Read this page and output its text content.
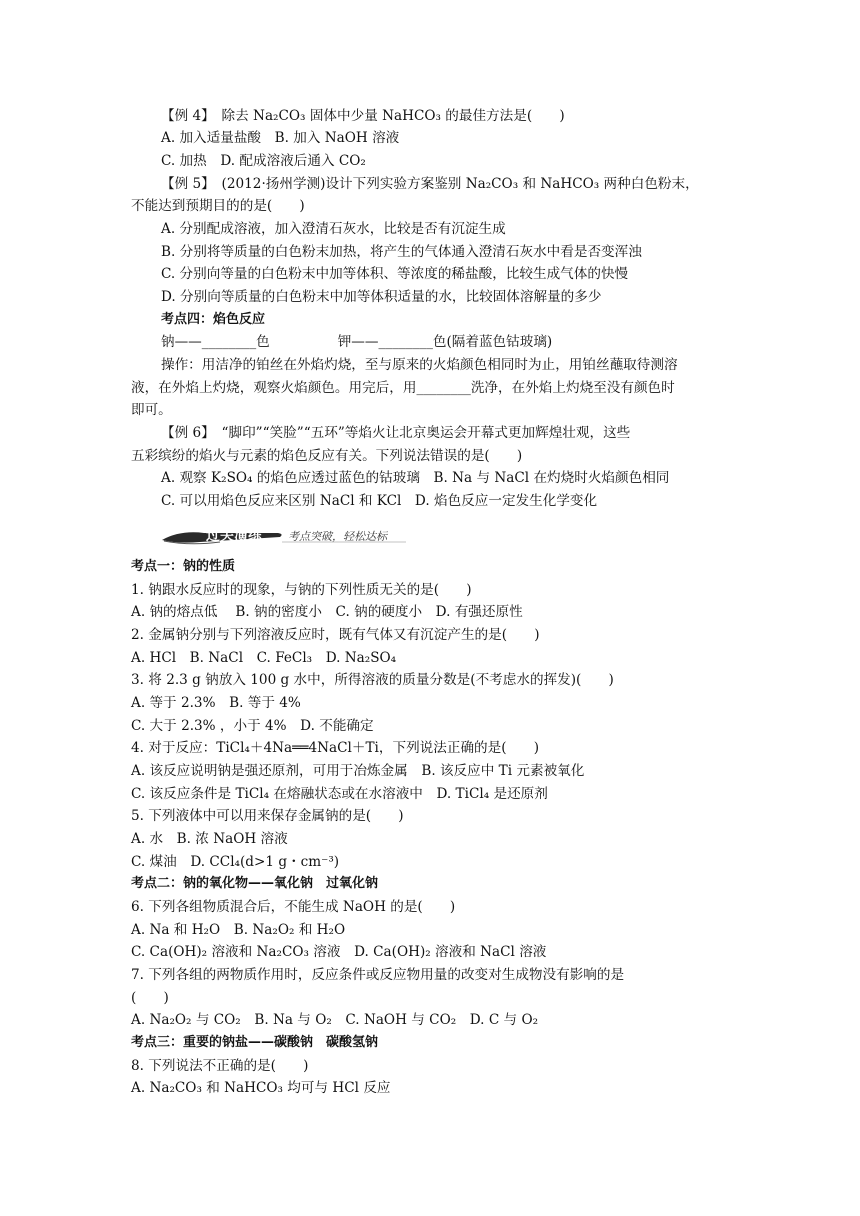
【例 4】　除去 Na₂CO₃ 固体中少量 NaHCO₃ 的最佳方法是(　　)
A. 加入适量盐酸　B. 加入 NaOH 溶液
C. 加热　D. 配成溶液后通入 CO₂
【例 5】　(2012·扬州学测)设计下列实验方案鉴别 Na₂CO₃ 和 NaHCO₃ 两种白色粉末，
不能达到预期目的的是(　　)
A. 分别配成溶液，加入澄清石灰水，比较是否有沉淀生成
B. 分别将等质量的白色粉末加热，将产生的气体通入澄清石灰水中看是否变浑浊
C. 分别向等量的白色粉末中加等体积、等浓度的稀盐酸，比较生成气体的快慢
D. 分别向等质量的白色粉末中加等体积适量的水，比较固体溶解量的多少
考点四：焰色反应
钠——________色　　　　　钾——________色(隔着蓝色钴玻璃)
操作：用洁净的铂丝在外焰灼烧，至与原来的火焰颜色相同时为止，用铂丝蘸取待测溶
液，在外焰上灼烧，观察火焰颜色。用完后，用________洗净，在外焰上灼烧至没有颜色时
即可。
【例 6】　“脚印”“笑脸”“五环”等焰火让北京奥运会开幕式更加辉煌壮观，这些
五彩缤纷的焰火与元素的焰色反应有关。下列说法错误的是(　　)
A. 观察 K₂SO₄ 的焰色应透过蓝色的钴玻璃　B. Na 与 NaCl 在灼烧时火焰颜色相同
C. 可以用焰色反应来区别 NaCl 和 KCl　D. 焰色反应一定发生化学变化
过关演练 考点突破，轻松达标
考点一：钠的性质
1. 钠跟水反应时的现象，与钠的下列性质无关的是(　　)
A. 钠的熔点低　 B. 钠的密度小　C. 钠的硬度小　D. 有强还原性
2. 金属钠分别与下列溶液反应时，既有气体又有沉淀产生的是(　　)
A. HCl　B. NaCl　C. FeCl₃　D. Na₂SO₄
3. 将 2.3 g 钠放入 100 g 水中，所得溶液的质量分数是(不考虑水的挥发)(　　)
A. 等于 2.3%　B. 等于 4%
C. 大于 2.3% ，小于 4%　D. 不能确定
4. 对于反应：TiCl₄＋4Na══4NaCl＋Ti，下列说法正确的是(　　)
A. 该反应说明钠是强还原剂，可用于冶炼金属　B. 该反应中 Ti 元素被氧化
C. 该反应条件是 TiCl₄ 在熔融状态或在水溶液中　D. TiCl₄ 是还原剂
5. 下列液体中可以用来保存金属钠的是(　　)
A. 水　B. 浓 NaOH 溶液
C. 煤油　D. CCl₄(d>1 g・cm⁻³)
考点二：钠的氧化物——氧化钠　过氧化钠
6. 下列各组物质混合后，不能生成 NaOH 的是(　　)
A. Na 和 H₂O　B. Na₂O₂ 和 H₂O
C. Ca(OH)₂ 溶液和 Na₂CO₃ 溶液　D. Ca(OH)₂ 溶液和 NaCl 溶液
7. 下列各组的两物质作用时，反应条件或反应物用量的改变对生成物没有影响的是
(　　)
A. Na₂O₂ 与 CO₂　B. Na 与 O₂　C. NaOH 与 CO₂　D. C 与 O₂
考点三：重要的钠盐——碳酸钠　碳酸氢钠
8. 下列说法不正确的是(　　)
A. Na₂CO₃ 和 NaHCO₃ 均可与 HCl 反应
